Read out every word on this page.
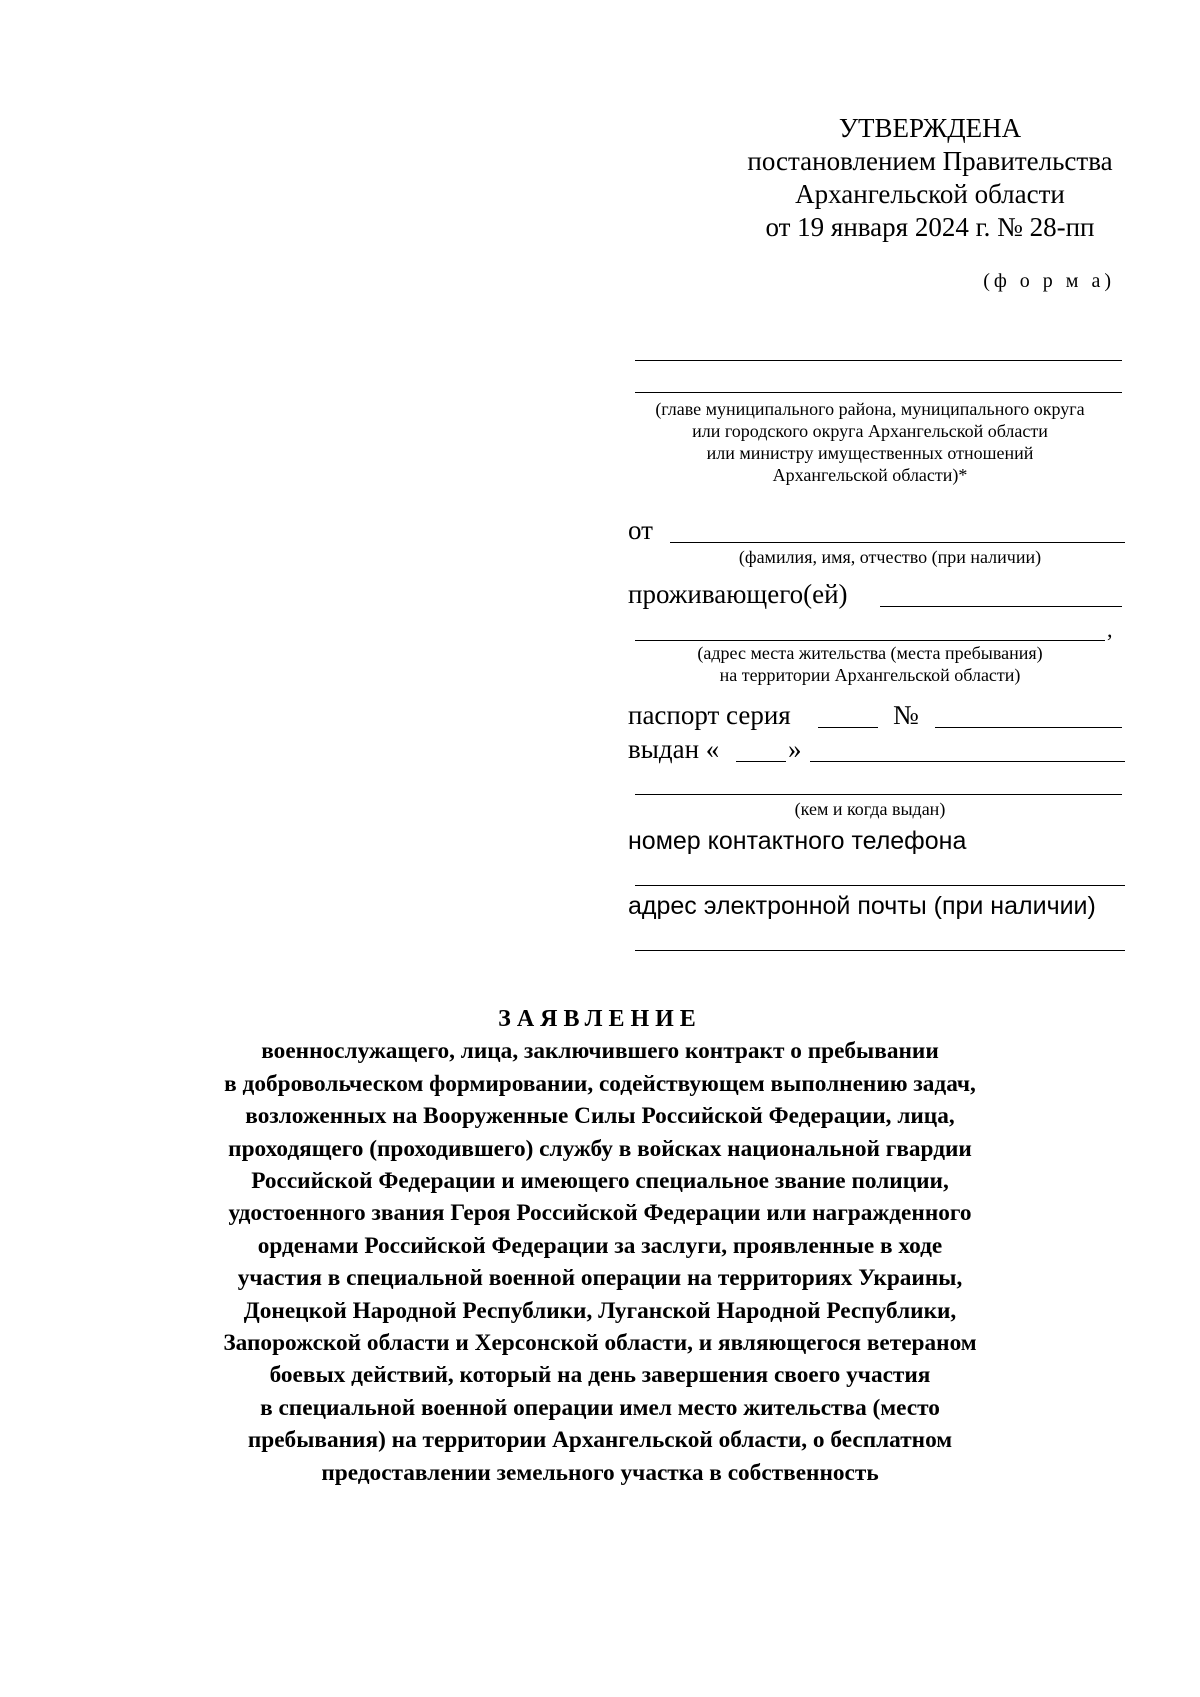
УТВЕРЖДЕНА
постановлением Правительства
Архангельской области
от 19 января 2024 г. № 28-пп
(ф о р м а)
(главе муниципального района, муниципального округа
или городского округа Архангельской области
или министру имущественных отношений
Архангельской области)*
от
(фамилия, имя, отчество (при наличии)
проживающего(ей)
,
(адрес места жительства (места пребывания)
на территории Архангельской области)
паспорт серия	№
выдан «	»
(кем и когда выдан)
номер контактного телефона
адрес электронной почты (при наличии)
ЗАЯВЛЕНИЕ
военнослужащего, лица, заключившего контракт о пребывании
в добровольческом формировании, содействующем выполнению задач,
возложенных на Вооруженные Силы Российской Федерации, лица,
проходящего (проходившего) службу в войсках национальной гвардии
Российской Федерации и имеющего специальное звание полиции,
удостоенного звания Героя Российской Федерации или награжденного
орденами Российской Федерации за заслуги, проявленные в ходе
участия в специальной военной операции на территориях Украины,
Донецкой Народной Республики, Луганской Народной Республики,
Запорожской области и Херсонской области, и являющегося ветераном
боевых действий, который на день завершения своего участия
в специальной военной операции имел место жительства (место
пребывания) на территории Архангельской области, о бесплатном
предоставлении земельного участка в собственность
